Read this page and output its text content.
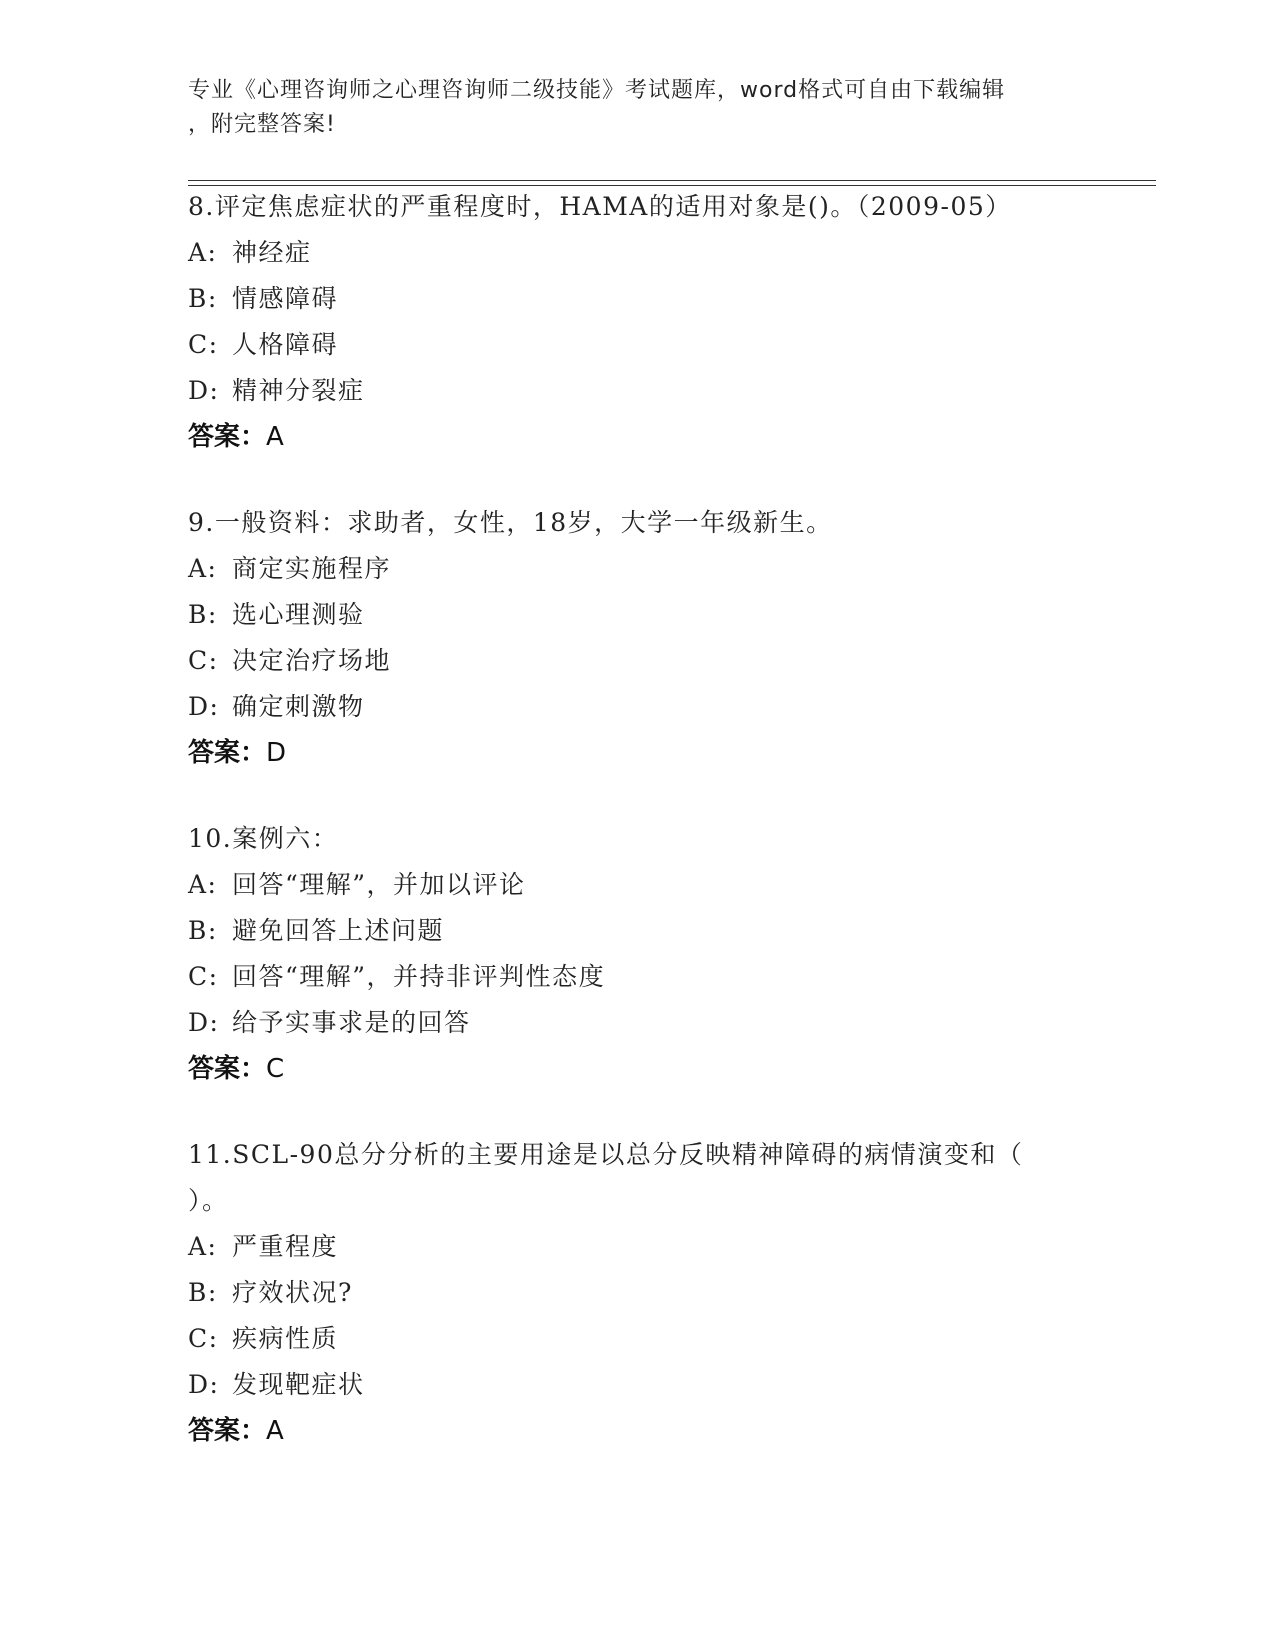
专业《心理咨询师之心理咨询师二级技能》考试题库，word格式可自由下载编辑
，附完整答案!
8.评定焦虑症状的严重程度时，HAMA的适用对象是()。（2009-05）
A: 神经症
B: 情感障碍
C: 人格障碍
D: 精神分裂症
答案：A
9.一般资料：求助者，女性，18岁，大学一年级新生。
A: 商定实施程序
B: 选心理测验
C: 决定治疗场地
D: 确定刺激物
答案：D
10.案例六：
A: 回答“理解”，并加以评论
B: 避免回答上述问题
C: 回答“理解”，并持非评判性态度
D: 给予实事求是的回答
答案：C
11.SCL-90总分分析的主要用途是以总分反映精神障碍的病情演变和（
）。
A: 严重程度
B: 疗效状况?
C: 疾病性质
D: 发现靶症状
答案：A
